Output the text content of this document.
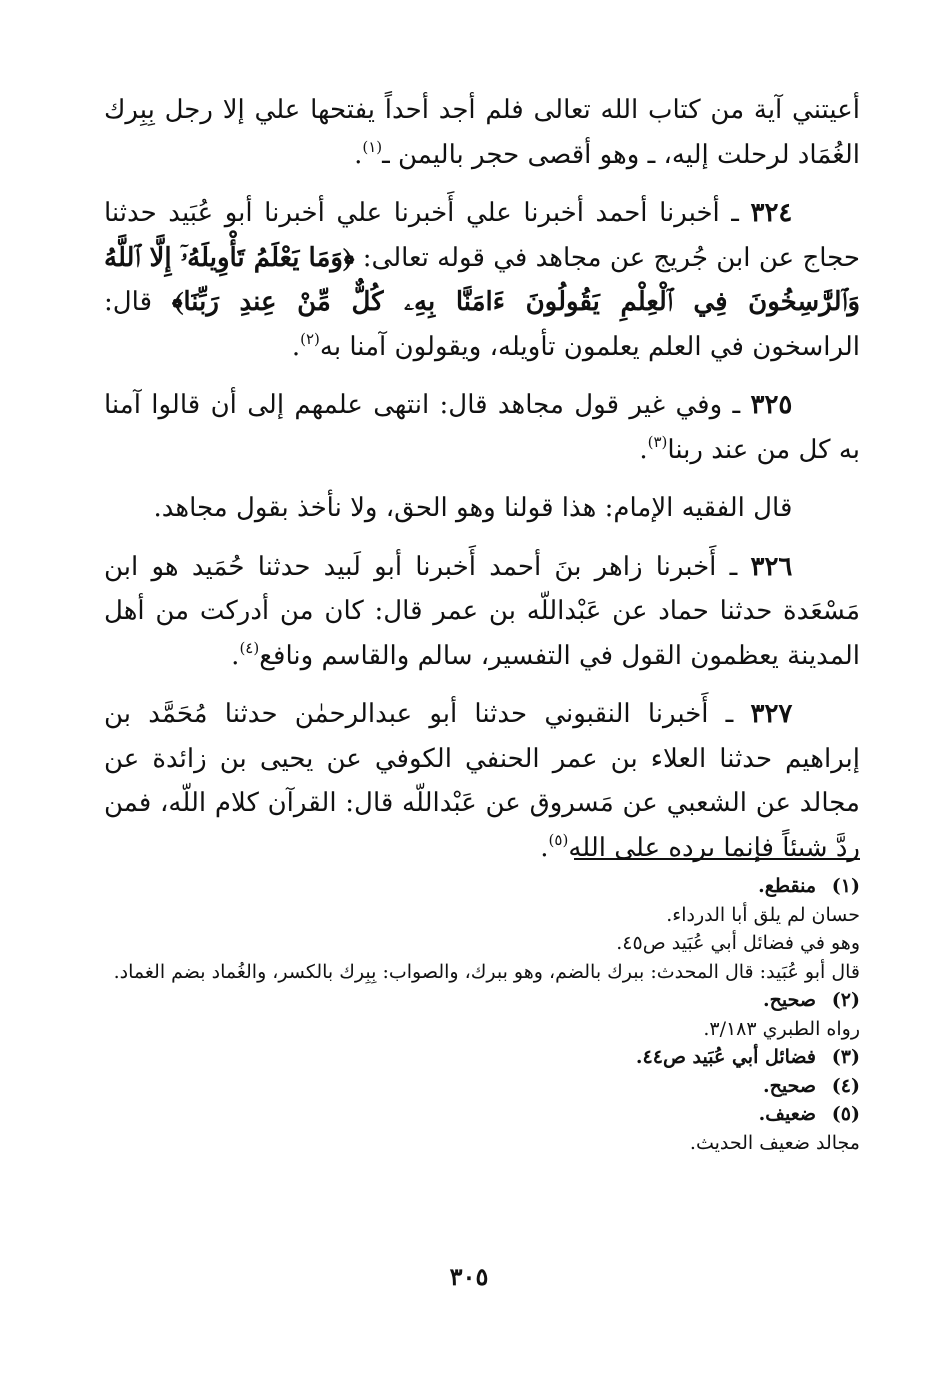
أعيتني آية من كتاب الله تعالى فلم أجد أحداً يفتحها علي إلا رجل بِبِرك الغُمَاد لرحلت إليه، ـ وهو أقصى حجر باليمن ـ$^{(١)}$.

٣٢٤ ـ أخبرنا أحمد أخبرنا علي أَخبرنا علي أخبرنا أبو عُبَيد حدثنا حجاج عن ابن جُريج عن مجاهد في قوله تعالى: ﴿وَمَا يَعْلَمُ تَأْوِيلَهُۥٓ إِلَّا ٱللَّهُ وَٱلرَّٰسِخُونَ فِي ٱلْعِلْمِ يَقُولُونَ ءَامَنَّا بِهِۦ كُلٌّ مِّنْ عِندِ رَبِّنَا﴾ قال: الراسخون في العلم يعلمون تأويله، ويقولون آمنا به$^{(٢)}$.

٣٢٥ ـ وفي غير قول مجاهد قال: انتهى علمهم إلى أن قالوا آمنا به كل من عند ربنا$^{(٣)}$.

قال الفقيه الإمام: هذا قولنا وهو الحق، ولا نأخذ بقول مجاهد.

٣٢٦ ـ أَخبرنا زاهر بنَ أحمد أَخبرنا أبو لَبيد حدثنا حُمَيد هو ابن مَسْعَدة حدثنا حماد عن عَبْداللّه بن عمر قال: كان من أدركت من أهل المدينة يعظمون القول في التفسير، سالم والقاسم ونافع$^{(٤)}$.

٣٢٧ ـ أَخبرنا النقبوني حدثنا أبو عبدالرحمٰن حدثنا مُحَمَّد بن إبراهيم حدثنا العلاء بن عمر الحنفي الكوفي عن يحيى بن زائدة عن مجالد عن الشعبي عن مَسروق عن عَبْداللّه قال: القرآن كلام اللّه، فمن ردَّ شيئاً فإنما يرده على الله$^{(٥)}$.

(١)
منقطع.

حسان لم يلق أبا الدرداء.

وهو في فضائل أبي عُبَيد ص٤٥.

قال أبو عُبَيد: قال المحدث: ببرك بالضم، وهو ببرك، والصواب: بِبِرك بالكسر، والغُماد بضم الغماد.

(٢)
صحيح.

رواه الطبري ٣/١٨٣.

(٣)
فضائل أبي عُبَيد ص٤٤.
(٤)
صحيح.
(٥)
ضعيف.

مجالد ضعيف الحديث.

٣٠٥
